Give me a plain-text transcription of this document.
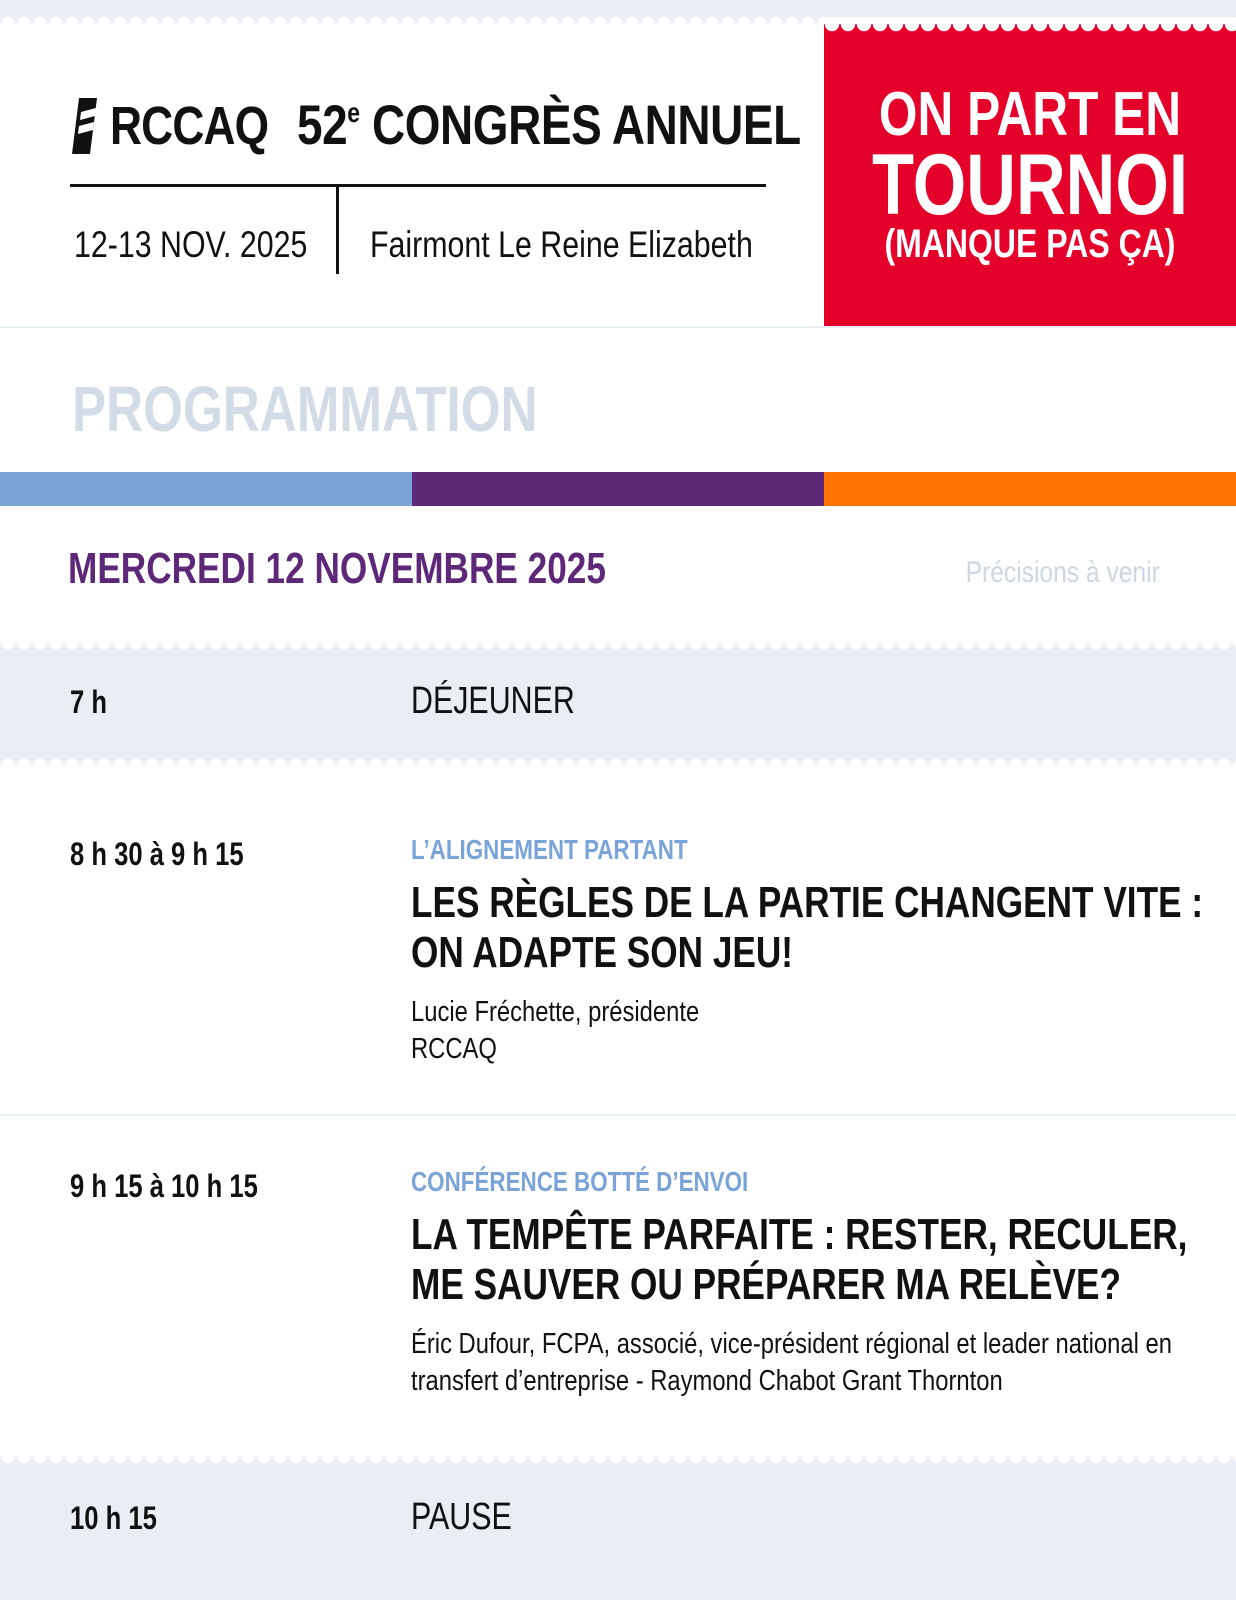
RCCAQ 52e CONGRÈS ANNUEL
12-13 NOV. 2025 Fairmont Le Reine Elizabeth
ON PART EN
TOURNOI
(MANQUE PAS ÇA)
PROGRAMMATION
MERCREDI 12 NOVEMBRE 2025	Précisions à venir
7 h	DÉJEUNER
8 h 30 à 9 h 15	L’ALIGNEMENT PARTANT
LES RÈGLES DE LA PARTIE CHANGENT VITE :
ON ADAPTE SON JEU!
Lucie Fréchette, présidente
RCCAQ
9 h 15 à 10 h 15	CONFÉRENCE BOTTÉ D’ENVOI
LA TEMPÊTE PARFAITE : RESTER, RECULER,
ME SAUVER OU PRÉPARER MA RELÈVE?
Éric Dufour, FCPA, associé, vice-président régional et leader national en
transfert d’entreprise - Raymond Chabot Grant Thornton
10 h 15	PAUSE
